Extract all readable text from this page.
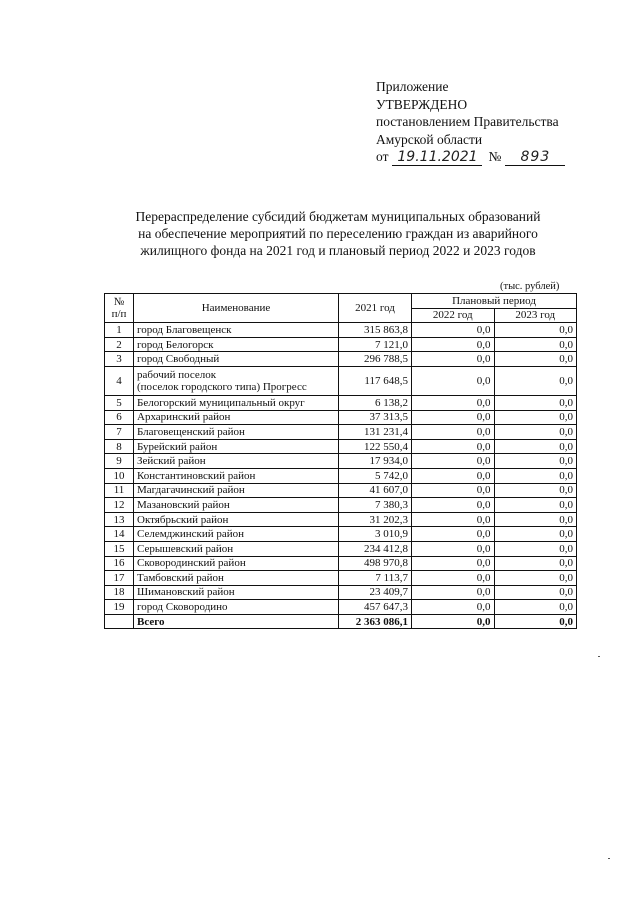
Приложение
УТВЕРЖДЕНО
постановлением Правительства
Амурской области
от 19.11.2021 №	893
Перераспределение субсидий бюджетам муниципальных образований
на обеспечение мероприятий по переселению граждан из аварийного
жилищного фонда на 2021 год и плановый период 2022 и 2023 годов
(тыс. рублей)
№ п/п	Наименование	2021 год	Плановый период	
			2022 год	2023 год
1	город Благовещенск	315 863,8	0,0	0,0
2	город Белогорск	7 121,0	0,0	0,0
3	город Свободный	296 788,5	0,0	0,0
4	рабочий поселок
(поселок городского типа) Прогресс	117 648,5	0,0	0,0
5	Белогорский муниципальный округ	6 138,2	0,0	0,0
6	Архаринский район	37 313,5	0,0	0,0
7	Благовещенский район	131 231,4	0,0	0,0
8	Бурейский район	122 550,4	0,0	0,0
9	Зейский район	17 934,0	0,0	0,0
10	Константиновский район	5 742,0	0,0	0,0
11	Магдагачинский район	41 607,0	0,0	0,0
12	Мазановский район	7 380,3	0,0	0,0
13	Октябрьский район	31 202,3	0,0	0,0
14	Селемджинский район	3 010,9	0,0	0,0
15	Серышевский район	234 412,8	0,0	0,0
16	Сковородинский район	498 970,8	0,0	0,0
17	Тамбовский район	7 113,7	0,0	0,0
18	Шимановский район	23 409,7	0,0	0,0
19	город Сковородино	457 647,3	0,0	0,0
	Всего	2 363 086,1	0,0	0,0
